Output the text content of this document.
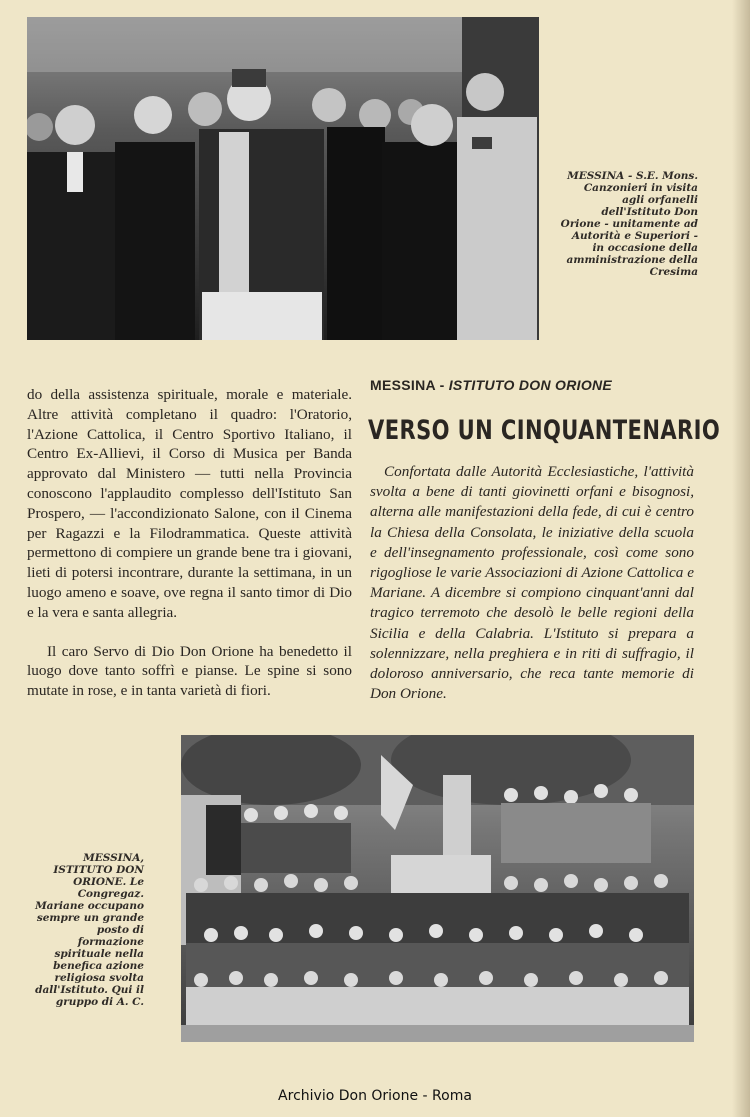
MESSINA - S.E. Mons. Canzonieri in visita agli orfanelli dell'Istituto Don Orione - unitamente ad Autorità e Superiori - in occasione della amministrazione della Cresima

do della assistenza spirituale, morale e materiale. Altre attività completano il quadro: l'Oratorio, l'Azione Cattolica, il Centro Sportivo Italiano, il Centro Ex-Allievi, il Corso di Musica per Banda approvato dal Ministero — tutti nella Provincia conoscono l'applaudito complesso dell'Istituto San Prospero, — l'accondizionato Salone, con il Cinema per Ragazzi e la Filodrammatica. Queste attività permettono di compiere un grande bene tra i giovani, lieti di potersi incontrare, durante la settimana, in un luogo ameno e soave, ove regna il santo timor di Dio e la vera e santa allegria.

Il caro Servo di Dio Don Orione ha benedetto il luogo dove tanto soffrì e pianse. Le spine si sono mutate in rose, e in tanta varietà di fiori.

MESSINA - ISTITUTO DON ORIONE
VERSO UN CINQUANTENARIO

Confortata dalle Autorità Ecclesiastiche, l'attività svolta a bene di tanti giovinetti orfani e bisognosi, alterna alle manifestazioni della fede, di cui è centro la Chiesa della Consolata, le iniziative della scuola e dell'insegnamento professionale, così come sono rigogliose le varie Associazioni di Azione Cattolica e Mariane. A dicembre si compiono cinquant'anni dal tragico terremoto che desolò le belle regioni della Sicilia e della Calabria. L'Istituto si prepara a solennizzare, nella preghiera e in riti di suffragio, il doloroso anniversario, che reca tante memorie di Don Orione.

MESSINA, ISTITUTO DON ORIONE. Le Congregaz. Mariane occupano sempre un grande posto di formazione spirituale nella benefica azione religiosa svolta dall'Istituto. Qui il gruppo di A. C.
Archivio Don Orione - Roma
